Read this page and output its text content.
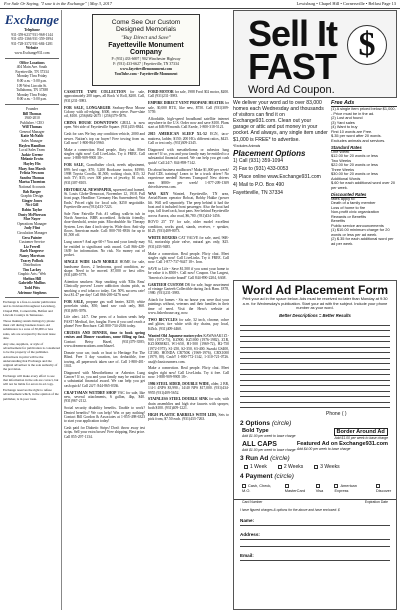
For Sale Or Saying, "I saw it in the Exchange" | May 3, 2017	Lewisburg • Chapel Hill • Cornersville • Belfast Page 13
Exchange
Telephone
931-359-6237 931-968-1144
931-455-1366 931-359-1894
931-728-3372 931-684-1281
Website
www.Exchange931.com
Office Locations
404 Main Ave. South
Fayetteville, TN 37334
Monday Thru Friday
8:00 a.m. - 5:00 p.m.
109 West Lincoln St.
Tullahoma, TN 37388
Monday Thru Friday
8:00 a.m. - 5:00 p.m.
Founder
Bill Thomas
1940-2010
Publisher / CEO
Will Thomas
General Manager
Katie McNabb
Sales Manager
Haylen Hamilton
Local Sales Team
Jackie Greene
Melanie Erwin
Hayley Hix
Mary Ann Marsh
Felicia Newsom
Sandra Thomas
Marisa Thornton
National Accounts
Bob Barger
Graphic Design
Ginger Jones
Nici Gill
Robin Taylor
Dusty McPherson
Moe Nayer
Operations Manager
Judy Flint
Circulation Manager
Gera Painter
Customer Service
Liz Ferrell
Barb Hargrove
Nancy Morrison
Tracey Pollock
Distribution
Tim Lackey
Graphic Arts / Web
Shelton Hill
Gabrielle Mullins
Todd Pitts
Adrienne Stephens
Exchange is a free-to-reader publication and is circulated throughout Lewisburg, Chapel Hill, Cornersville, Belfast and Lincoln Countys in Tennessee.
Those making rentals listings by phone must call during business hours. Ad submission is a zone of 30,000 or less sales, ads are accepted by the next issue date.
Any size, suppliers, or style of advertisement for publication is considered to be the property of the publisher. Advertisers in print will be the understanding that Exchange and the original advertiser is the sole authority of the provision.
Exchange will make every effort to see that information in the ads are correct, but will not be liable for errors in ad copy.
Exchange reserves the right to refuse advertisement which, in the opinion of the publisher, is in poor taste.
Come See Our Custom
Designed Memorials
"Buy Direct and Save"
Fayetteville Monument Company
P: (931) 433-6697 | 902 Winchester Highway
F: (931) 433-6627 | Fayetteville, TN 37334
www.fayettevillemonument.com
YouTube.com - Fayetteville Monument
CASSETTE TAPE COLLECTION for sale, approximately 200 tapes, all Rock 'n' Roll, $200. Call, (931)231-3983.
FOR SALE, LONGARGER Seabury-Bear Mouse Colony with oil-edging. $300, retro piece. Pure-slate oil, $100. (256)682-2675 / (256)379-5876.
CHINA HOUSE DOWNTOWN GRILL is now open. Wet side of Fayetteville Square. (931)433-8844.
Cash for cars We buy any condition vehicle, 2000 and newer. Nation's top car buyer! Free towing from us. Call now! 1-800-864-5960.
Make a connection. Real people, flirty chat. Meet singles right now! Call LiveLinks. Try it FREE. Call now: 1-888-909-9905 18+.
FOR SALE, Grandfather clock, needs adjustment, $99; bed cage, $70; 3,200 Bookcase tractor, $1990; 1998 Toyota Corolla, $1,500; rocking chair, $15; 32 inch TV; $15; over 300 pieces of jewelry, $1 each. (931)307-8105.
HISTORICAL NEWSPAPER, squeezed and framed, St. Louis Globe-Democrat, November 12, 1918. Full front page, Headline: 'Germany Has Surrendered; War Ends.' Priced right for local sale, $250 negotiable. Fayetteville area (931)433-7223.
Sale Near Fairville Fab. #1 selling walk-in tub in North America. BBB accredited. Arthritis friendly; door-threshold, senior pain. Microbubble Air Therapy System. Less than 4 inch step-in. Wide door. Anti-slip floors. American made. Call: 800-701-8816 for up to $1,500 off.
Lung cancer? And age 60+? You and your family may be entitled to significant cash award. Call 866-428-1639 for information. No risk. No money out of pocket.
SINGLE WIDE 14x70 MOBILE HOME for sale, handsome floors, 2 bedrooms, good condition, as-shape. Need to be moved. $7,000 or best offer. (931)409-5779.
Attention smokers: Stop smoking with 'Ellis Emu' Clinically proven! Lower addiction chains pitch, as smoking a real tobacco today. Get 50% success rate! Just $1.47 per day! Call 866-269-6276 now!
FOR SALE, propane gas wall heater, $250; white porcelain sinks, $50; hand saw cash only, $60. (931)693-3976.
Life alert. 24/7. One press of a button sends help FAST! Medical, fire, burglar. Even if you can't reach a phone! Free Brochure. Call 800-734-2636 today.
CRUISES AND DINNER, time to book spring cruises and Dinner vacations, some filling up fast. Contact Betsy Hazel, (931)379-3585; www.dreamvacations.com/bhazel.
Donate your car, truck or boat to Heritage For The Blind. Free 3 day vacation, tax deductible, free towing, all paperwork taken care of. Call 1-800-401-1041.
Diagnosed with Mesothelioma or Asbestos Lung Cancer? If so, you and your family may be entitled to a substantial financial award. We can help you get cash quick! Call 24/7: 844-865-0336.
CRAFTSMAN WETDRY SHOP VAC for sale, like new, several attachments, 6 gallon, 4hp, $40. (931)967-2112.
Social security disability benefits. Unable to work? Denied benefits? We can help! Win or pay nothing! Contact Bill Gordon & Associates at 1-855-498-6323 to start your application today!
Cash paid for Diabetic Strips! Don't throw away test strips. Sell your extra boxes! Free shipping. Best price. Call 855-297-1134.
FORD MOTOR for sale, 1988 Ford 302 motor, $200. Call (931)231-3983.
EMPIRE DIRECT VENT PROPANE HEATER for sale, 30,000 BTU, like new, $750. Call (931)309-5759.
Affordable, high-speed broadband satellite internet anywhere in the U.S. Order now and save $100. Plans start at $49.99/month. Call Exede, 1-800-318-5121.
2015 AMERICAN SLEEP XL-52 EGN, taco-mattress, ladder, $150; 200 HCs different ratios, $425. Call or text only. (931)309-2345.
Diagnosed with mesothelioma or asbestos lung cancer? If so, you and your family may be entitled to a substantial financial award. We can help you get cash quick! Call 24/7: 844-898-7142.
Do about business mailboxes? Make $1,000 per week! Paid CDL training! Learn to be a truck driver! No experience needed! Stevens Transport! New drivers earn $800+ per week! 1-877-209-1309 drive4stevens.com.
WAS KEY Wanted, Fayetteville, TN area, Aerial/Boom operator Bobcat, Bobby Hakke (power lift. Will sell separately. The peep behind it had the boat and it included front passenger. Also the boat had tops, fall fixed rack, boat pans. See behind Fayetteville across Aurora, also road, $6,780. (931)434-1456.
ROVO 25" TV for sale, older model excellent condition, works good, stands, receiver, + speaker, $125. (931)409-8073.
WHITE BOXERS CAT VALVE for sale, used, 96R-94, motorship plate valve, natural gas only, $25. (931)433-9485.
Make a connection. Real people. Flirty chat. Meet singles right now! Call LiveLinks. Try it FREE. Call now: Call 1-877-737-9447 18+. Iron.
SAVE to Life - Save $1,500 if you want your home to be value it is $500+. Call now! Coupon. Our Largest, 'America's favorite brand!' Call 844-890-2204, 6AM.
GARTEEH CUSTOM DR for sale, huge assortment of vintage Garteeh Collectible during Jack Ham. 1878, 1980. (931)231-3983.
Attach for homes - Sis no house you were that your paintings without, veterans and their families in their time of need. Visit the Hero's website at www.fisherhouse.org, now.
TWO BICYCLES for sale, 32 inch, chrome, ochre and glitter, tire white with dry chains, pay local, $45ch. (931)409-4460.
Wanted Old Japanese motorcycles KAWASAKI Z1-900 (1972-75), KZ900, KZ1000 (1976-1982), Z1R, KZ1000MKII, W1-650, H1-500 (1969-72), H2-750 (1972-1975), S1-250, S2-350, S3-400. Suzuki GS400, GT380, HONDA CB750K (1969-1976), CBX1000 (1979, 80). Cash!! 1-800-772-1142, 1-310-721-0726. usa@classicrunners.com.
Make a connection. Real people. Flirty chat. Meet singles right now! Call LiveLinks. Try it free. Call now: 1-888-909-9905 18+.
1986 STEEL SIDED, DOUBLE WIDE, older, 2 BR, 1/4-1 4NPS $3,990.; 14/40 NPS $17,000. (931)434-9955 (931)409-5652.
STAINLESS STEEL DOUBLE SINK for sale, with drain assemblies and high rise faucets with sprayer, both $100. (931)409-1221.
HIGH PLASTIC BARRELS WITH LIDS, Sets to pick from, $7.50 each. (931)433-7263.
Sell It
FAST
$
Word Ad Coupon.
We deliver your word ad to over 83,000 homes each Wednesday and thousands of visitors can find it on Exchange931.com. Clean out your garage or attic and put money in your pocket. And always, any single item under $1,000 is FREE* to advertise.
*Excludes Animals
Placement Options
1) Call (931) 359-1094
2) Fax to (931) 433-0053
3) Place online www.Exchange931.com
4) Mail to P.O. Box 490
Fayetteville, TN 37334
Free Ads
(1) A single item priced below $1,000.
- Price must be in the ad.
(2) Lost and found
(3) Yard sales
(4) Want to buy
First 10 words are Free.
$.35 per word after 20 words.
Excludes animals and services.
Standard Rates
One Week
$12.00 for 20 words or less
Two Weeks
$22.00 for 20 words or less
Three Weeks
$30.00 for 20 words or less
Additional Words
$.60 for each additional word over 20 per week.
Discounted Rates
rates apply to:
Death of a family member
Loss of home to fire
Non-profit civic organization
Rewards or Benefits
Benefits
Public service announcements
(1) $10.00 minimum charge for 20 words or less per ad week.
(2) $.35 for each additional word per ad per week.
Word Ad Placement Form
Print your ad in the space below. Ads must be received no later than Monday at 9:30 a.m. for Wednesday's publication. Start your ad with the subject. Include your phone number as your word.
Better Descriptions = Better Results
Phone ( )
2 Options (circle)
Bold Type
Add $1.00 per week to base charge
Border Around Ad
Add $1.00 per week to base charge
ALL CAPS
Add $1.00 per week to base charge
Featured Ad on Exchange931.com
Add $4.00 per week to base charge
3 Run Ad (circle)
1 Week	2 Weeks	3 Weeks
4 Payment (circle)
Cash, Check, M.O.	MasterCard	Visa
American Express	Discover
Card Number	Expiration Date
I have figured charges & options for the above and have enclosed: $
Name:
Address:
Email:
